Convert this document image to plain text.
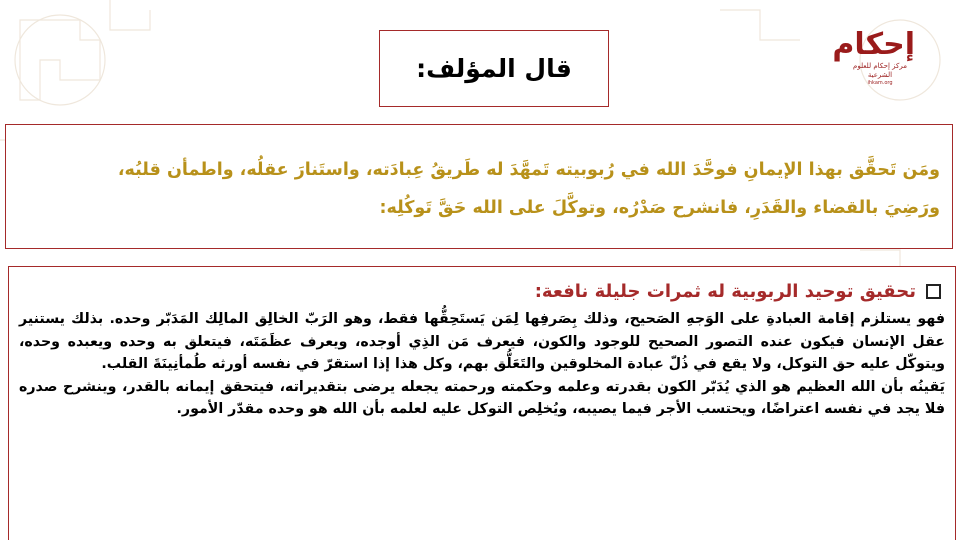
إحكام
مركز إحكام للعلوم الشرعية
ihkam.org
قال المؤلف:

ومَن تَحقَّق بهذا الإيمانِ فوحَّدَ الله في رُبوبيته تَمهَّدَ له طَريقُ عِبادَته، واستَنارَ عقلُه، واطمأن قلبُه،

ورَضِيَ بالقضاء والقَدَرِ، فانشرح صَدْرُه، وتوكَّلَ على الله حَقَّ تَوكُلِه:

تحقيق توحيد الربوبية له ثمرات جليلة نافعة:

فهو يستلزم إقامة العبادةِ على الوَجهِ الصَحيح، وذلك بِصَرفِها لِمَن يَستَحِقُّها فقط، وهو الرَبّ الخالِق المالِك المَدَبّر وحده. بذلك يستنير عقل الإنسان فيكون عنده التصور الصحيح للوجود والكون، فيعرف مَن الذِي أوجده، ويعرف عظَمَتَه، فيتعلق به وحده ويعبده وحده، ويتوكّل عليه حق التوكل، ولا يقع في ذُلّ عبادة المخلوقين والتَعَلُّق بهم، وكل هذا إذا استقرّ في نفسه أورثه طُمأنِينَةَ القلب.

يَقينُه بأن الله العظيم هو الذي يُدَبّر الكون بقدرته وعلمه وحكمته ورحمته يجعله يرضى بتقديراته، فيتحقق إيمانه بالقدر، وينشرح صدره فلا يجد في نفسه اعتراضًا، ويحتسب الأجر فيما يصيبه، ويُخلِص التوكل عليه لعلمه بأن الله هو وحده مقدّر الأمور.
